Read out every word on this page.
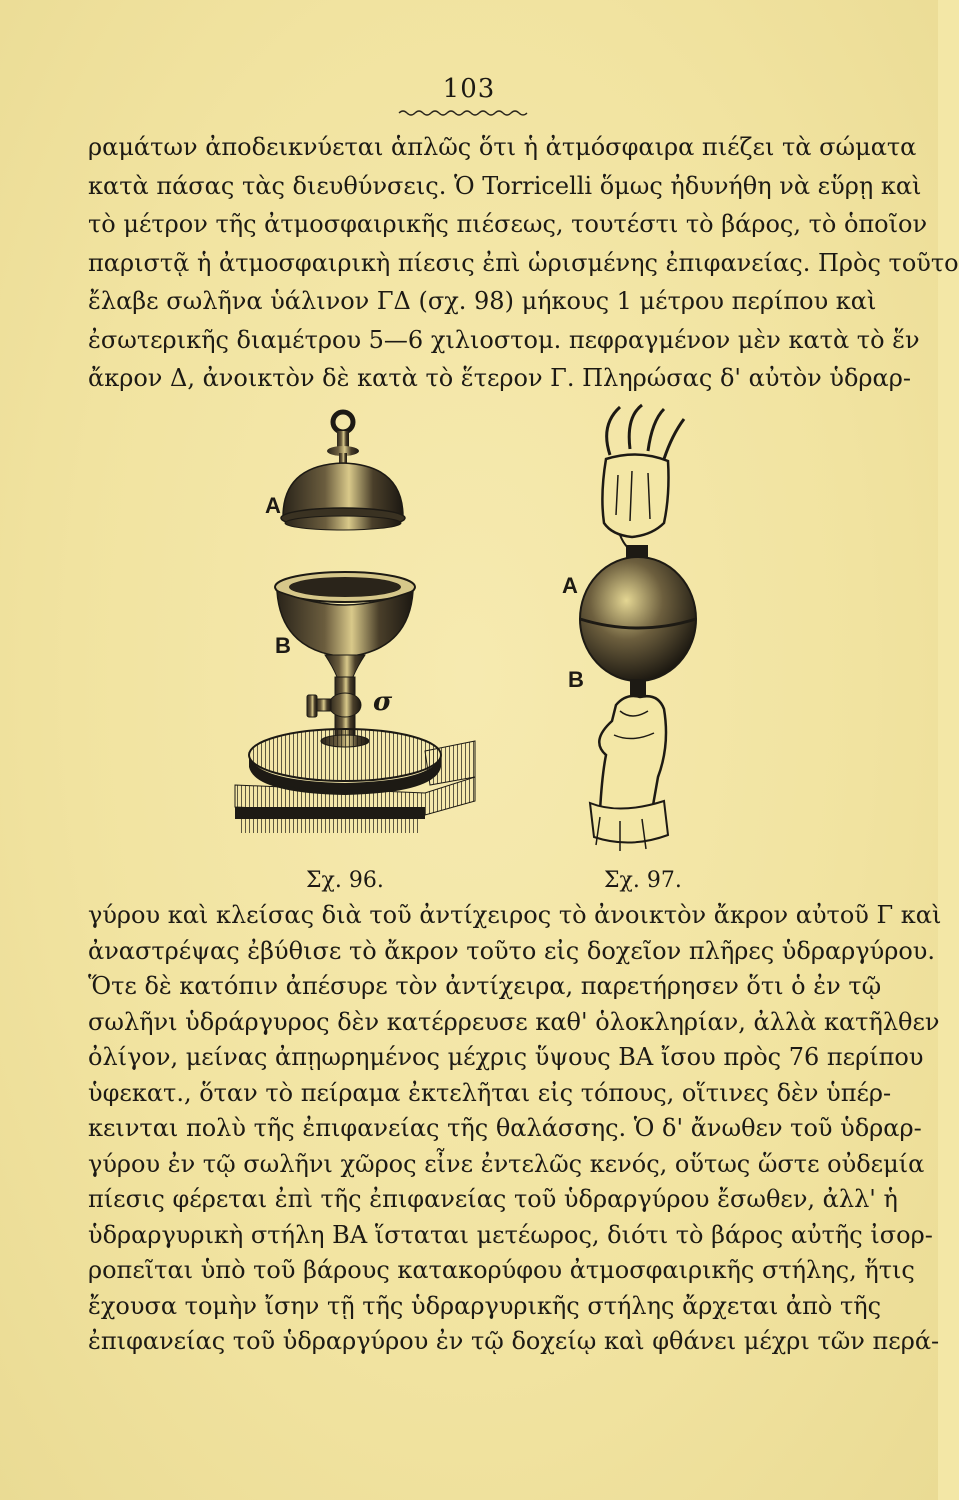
103
ραμάτων ἀποδεικνύεται ἁπλῶς ὅτι ἡ ἀτμόσφαιρα πιέζει τὰ σώματα
κατὰ πάσας τὰς διευθύνσεις. Ὁ Torricelli ὅμως ἠδυνήθη νὰ εὕρῃ καὶ
τὸ μέτρον τῆς ἀτμοσφαιρικῆς πιέσεως, τουτέστι τὸ βάρος, τὸ ὁποῖον
παριστᾷ ἡ ἀτμοσφαιρικὴ πίεσις ἐπὶ ὡρισμένης ἐπιφανείας. Πρὸς τοῦτο
ἔλαβε σωλῆνα ὑάλινον ΓΔ (σχ. 98) μήκους 1 μέτρου περίπου καὶ
ἐσωτερικῆς διαμέτρου 5—6 χιλιοστομ. πεφραγμένον μὲν κατὰ τὸ ἕν
ἄκρον Δ, ἀνοικτὸν δὲ κατὰ τὸ ἕτερον Γ. Πληρώσας δ' αὐτὸν ὑδραρ-
A
B
σ
Σχ. 96.
A
B
Σχ. 97.
γύρου καὶ κλείσας διὰ τοῦ ἀντίχειρος τὸ ἀνοικτὸν ἄκρον αὐτοῦ Γ καὶ
ἀναστρέψας ἐβύθισε τὸ ἄκρον τοῦτο εἰς δοχεῖον πλῆρες ὑδραργύρου.
Ὅτε δὲ κατόπιν ἀπέσυρε τὸν ἀντίχειρα, παρετήρησεν ὅτι ὁ ἐν τῷ
σωλῆνι ὑδράργυρος δὲν κατέρρευσε καθ' ὁλοκληρίαν, ἀλλὰ κατῆλθεν
ὀλίγον, μείνας ἀπῃωρημένος μέχρις ὕψους ΒΑ ἴσου πρὸς 76 περίπου
ὑφεκατ., ὅταν τὸ πείραμα ἐκτελῆται εἰς τόπους, οἵτινες δὲν ὑπέρ-
κεινται πολὺ τῆς ἐπιφανείας τῆς θαλάσσης. Ὁ δ' ἄνωθεν τοῦ ὑδραρ-
γύρου ἐν τῷ σωλῆνι χῶρος εἶνε ἐντελῶς κενός, οὕτως ὥστε οὐδεμία
πίεσις φέρεται ἐπὶ τῆς ἐπιφανείας τοῦ ὑδραργύρου ἔσωθεν, ἀλλ' ἡ
ὑδραργυρικὴ στήλη ΒΑ ἵσταται μετέωρος, διότι τὸ βάρος αὐτῆς ἰσορ-
ροπεῖται ὑπὸ τοῦ βάρους κατακορύφου ἀτμοσφαιρικῆς στήλης, ἥτις
ἔχουσα τομὴν ἴσην τῇ τῆς ὑδραργυρικῆς στήλης ἄρχεται ἀπὸ τῆς
ἐπιφανείας τοῦ ὑδραργύρου ἐν τῷ δοχείῳ καὶ φθάνει μέχρι τῶν περά-
